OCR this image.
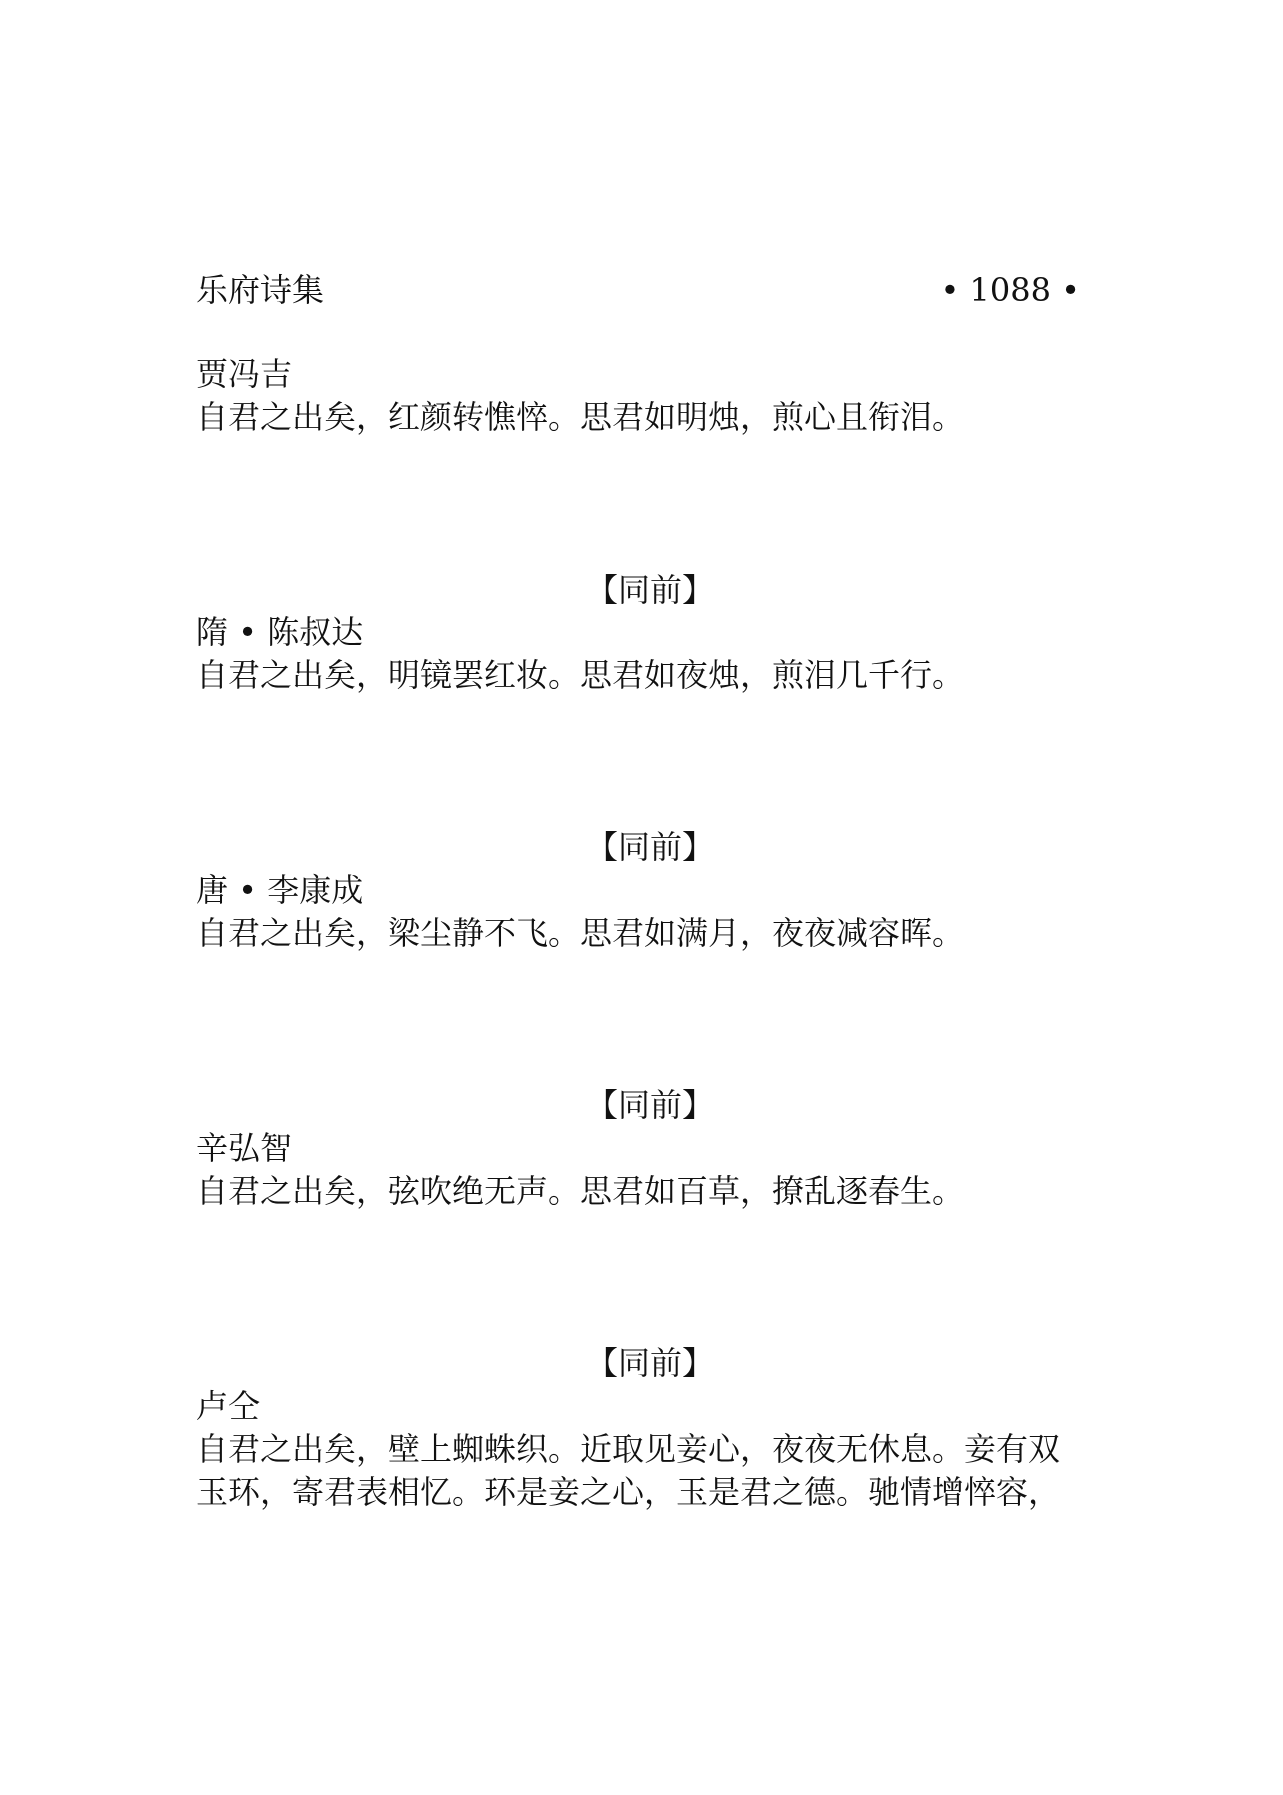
乐府诗集	• 1088 •
贾冯吉
自君之出矣，红颜转憔悴。思君如明烛，煎心且衔泪。
【同前】
隋 • 陈叔达
自君之出矣，明镜罢红妆。思君如夜烛，煎泪几千行。
【同前】
唐 • 李康成
自君之出矣，梁尘静不飞。思君如满月，夜夜减容晖。
【同前】
辛弘智
自君之出矣，弦吹绝无声。思君如百草，撩乱逐春生。
【同前】
卢仝
自君之出矣，壁上蜘蛛织。近取见妾心，夜夜无休息。妾有双
玉环，寄君表相忆。环是妾之心，玉是君之德。驰情增悴容，
